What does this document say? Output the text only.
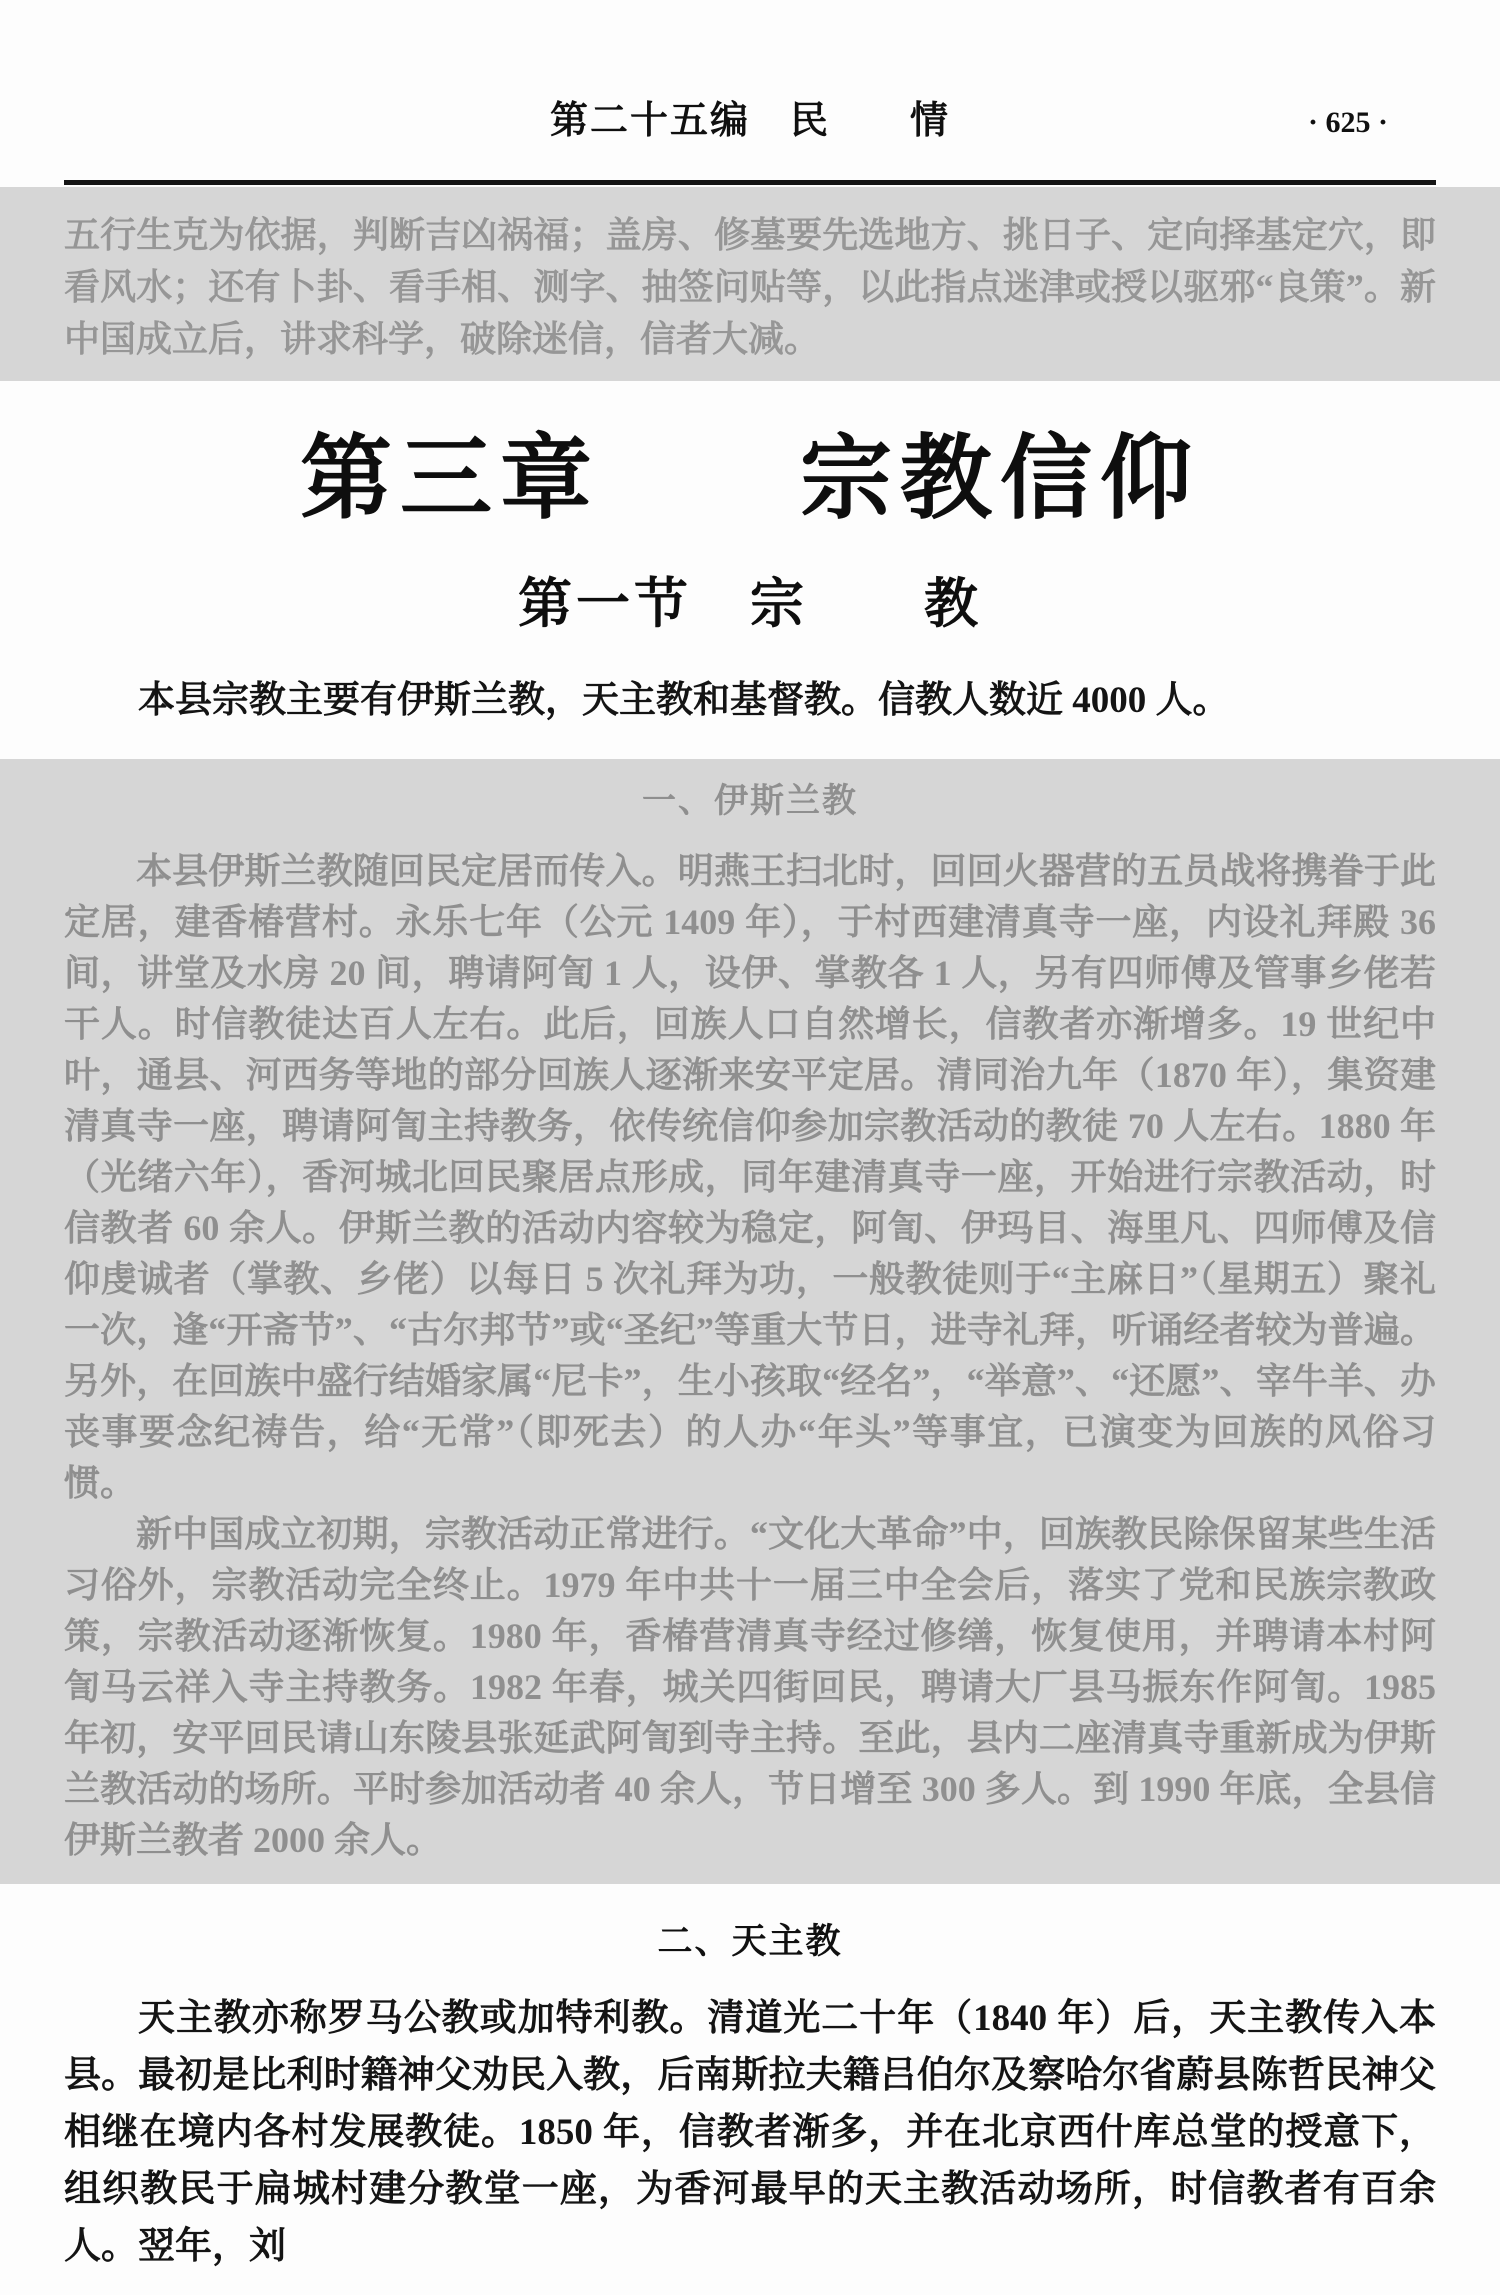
第二十五编　民　　情	· 625 ·

五行生克为依据，判断吉凶祸福；盖房、修墓要先选地方、挑日子、定向择基定穴，即看风水；还有卜卦、看手相、测字、抽签问贴等，以此指点迷津或授以驱邪“良策”。新中国成立后，讲求科学，破除迷信，信者大减。

第三章　　宗教信仰
第一节　宗　　教
本县宗教主要有伊斯兰教，天主教和基督教。信教人数近 4000 人。
一、伊斯兰教

本县伊斯兰教随回民定居而传入。明燕王扫北时，回回火器营的五员战将携眷于此定居，建香椿营村。永乐七年（公元 1409 年），于村西建清真寺一座，内设礼拜殿 36 间，讲堂及水房 20 间，聘请阿訇 1 人，设伊、掌教各 1 人，另有四师傅及管事乡佬若干人。时信教徒达百人左右。此后，回族人口自然增长，信教者亦渐增多。19 世纪中叶，通县、河西务等地的部分回族人逐渐来安平定居。清同治九年（1870 年），集资建清真寺一座，聘请阿訇主持教务，依传统信仰参加宗教活动的教徒 70 人左右。1880 年（光绪六年），香河城北回民聚居点形成，同年建清真寺一座，开始进行宗教活动，时信教者 60 余人。伊斯兰教的活动内容较为稳定，阿訇、伊玛目、海里凡、四师傅及信仰虔诚者（掌教、乡佬）以每日 5 次礼拜为功，一般教徒则于“主麻日”（星期五）聚礼一次，逢“开斋节”、“古尔邦节”或“圣纪”等重大节日，进寺礼拜，听诵经者较为普遍。另外，在回族中盛行结婚家属“尼卡”，生小孩取“经名”，“举意”、“还愿”、宰牛羊、办丧事要念纪祷告，给“无常”（即死去）的人办“年头”等事宜，已演变为回族的风俗习惯。

新中国成立初期，宗教活动正常进行。“文化大革命”中，回族教民除保留某些生活习俗外，宗教活动完全终止。1979 年中共十一届三中全会后，落实了党和民族宗教政策，宗教活动逐渐恢复。1980 年，香椿营清真寺经过修缮，恢复使用，并聘请本村阿訇马云祥入寺主持教务。1982 年春，城关四街回民，聘请大厂县马振东作阿訇。1985 年初，安平回民请山东陵县张延武阿訇到寺主持。至此，县内二座清真寺重新成为伊斯兰教活动的场所。平时参加活动者 40 余人，节日增至 300 多人。到 1990 年底，全县信伊斯兰教者 2000 余人。

二、天主教

天主教亦称罗马公教或加特利教。清道光二十年（1840 年）后，天主教传入本县。最初是比利时籍神父劝民入教，后南斯拉夫籍吕伯尔及察哈尔省蔚县陈哲民神父相继在境内各村发展教徒。1850 年，信教者渐多，并在北京西什库总堂的授意下，组织教民于扁城村建分教堂一座，为香河最早的天主教活动场所，时信教者有百余人。翌年，刘
